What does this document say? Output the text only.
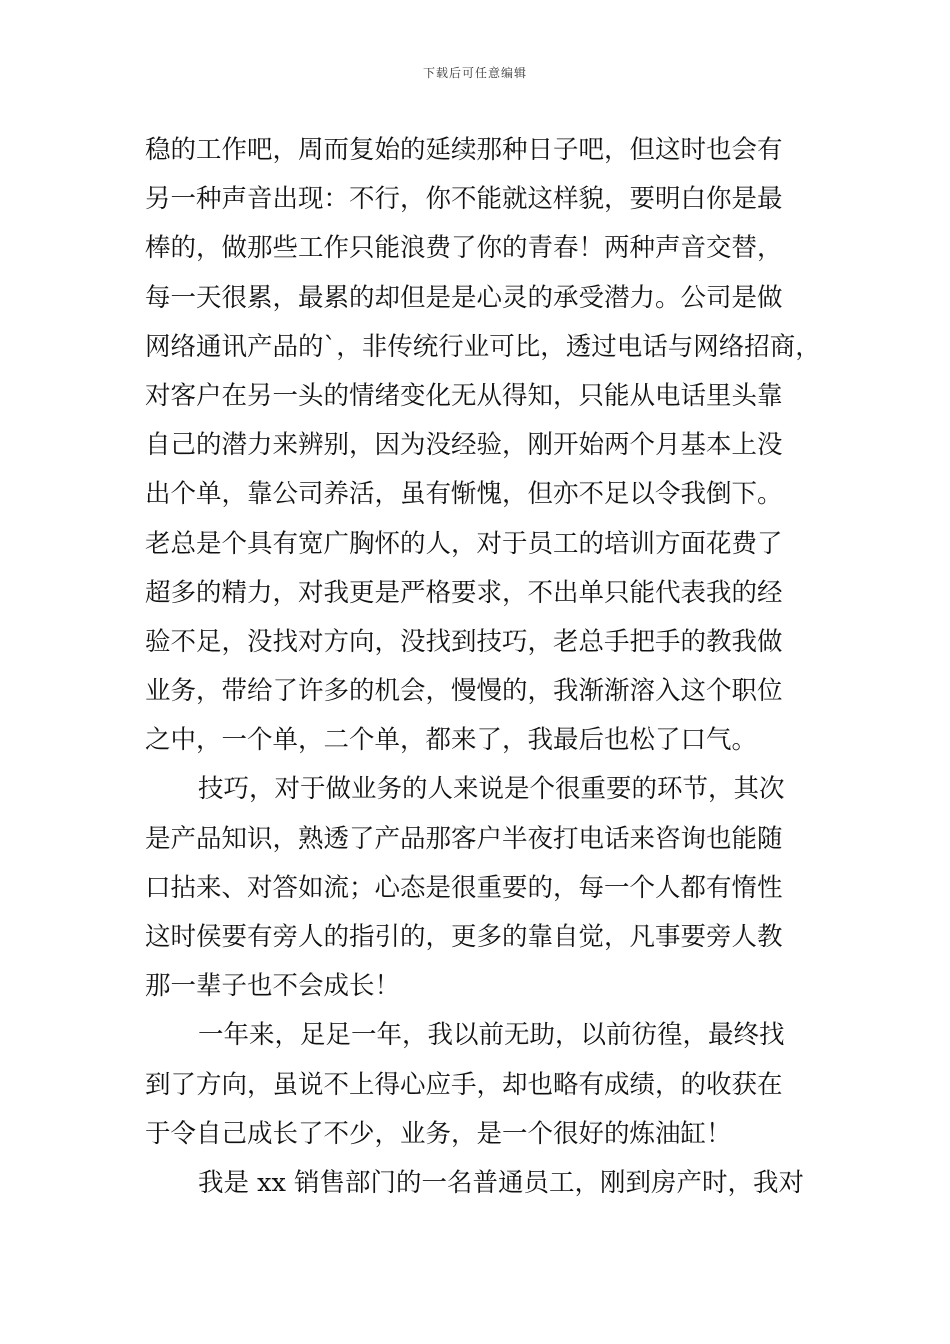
下载后可任意编辑
稳的工作吧，周而复始的延续那种日子吧，但这时也会有
另一种声音出现：不行，你不能就这样貌，要明白你是最
棒的，做那些工作只能浪费了你的青春！两种声音交替，
每一天很累，最累的却但是是心灵的承受潜力。公司是做
网络通讯产品的`，非传统行业可比，透过电话与网络招商，
对客户在另一头的情绪变化无从得知，只能从电话里头靠
自己的潜力来辨别，因为没经验，刚开始两个月基本上没
出个单，靠公司养活，虽有惭愧，但亦不足以令我倒下。
老总是个具有宽广胸怀的人，对于员工的培训方面花费了
超多的精力，对我更是严格要求，不出单只能代表我的经
验不足，没找对方向，没找到技巧，老总手把手的教我做
业务，带给了许多的机会，慢慢的，我渐渐溶入这个职位
之中，一个单，二个单，都来了，我最后也松了口气。
技巧，对于做业务的人来说是个很重要的环节，其次
是产品知识，熟透了产品那客户半夜打电话来咨询也能随
口拈来、对答如流；心态是很重要的，每一个人都有惰性
这时侯要有旁人的指引的，更多的靠自觉，凡事要旁人教
那一辈子也不会成长！
一年来，足足一年，我以前无助，以前彷徨，最终找
到了方向，虽说不上得心应手，却也略有成绩，的收获在
于令自己成长了不少，业务，是一个很好的炼油缸！
我是 xx 销售部门的一名普通员工，刚到房产时，我对
